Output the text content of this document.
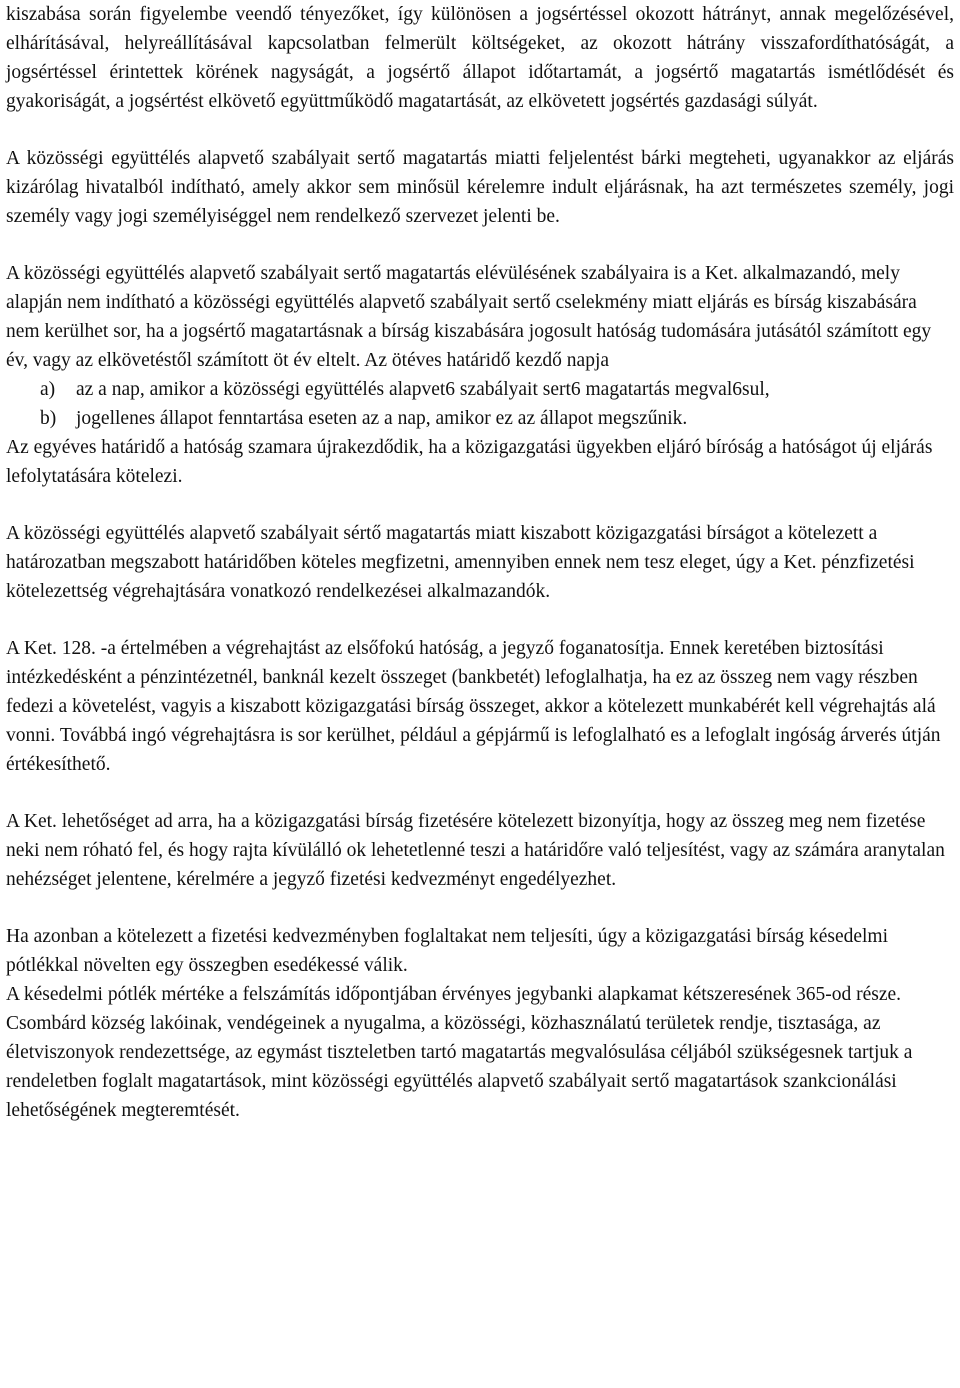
kiszabása során figyelembe veendő tényezőket, így különösen a jogsértéssel okozott hátrányt, annak megelőzésével, elhárításával, helyreállításával kapcsolatban felmerült költségeket, az okozott hátrány visszafordíthatóságát, a jogsértéssel érintettek körének nagyságát, a jogsértő állapot időtartamát, a jogsértő magatartás ismétlődését és gyakoriságát, a jogsértést elkövető együttműködő magatartását, az elkövetett jogsértés gazdasági súlyát.

A közösségi együttélés alapvető szabályait sertő magatartás miatti feljelentést bárki megteheti, ugyanakkor az eljárás kizárólag hivatalból indítható, amely akkor sem minősül kérelemre indult eljárásnak, ha azt természetes személy, jogi személy vagy jogi személyiséggel nem rendelkező szervezet jelenti be.

A közösségi együttélés alapvető szabályait sertő magatartás elévülésének szabályaira is a Ket. alkalmazandó, mely alapján nem indítható a közösségi együttélés alapvető szabályait sertő cselekmény miatt eljárás es bírság kiszabására nem kerülhet sor, ha a jogsértő magatartásnak a bírság kiszabására jogosult hatóság tudomására jutásától számított egy év, vagy az elkövetéstől számított öt év eltelt. Az ötéves határidő kezdő napja

a)	az a nap, amikor a közösségi együttélés alapvet6 szabályait sert6 magatartás megval6sul,
b)	jogellenes állapot fenntartása eseten az a nap, amikor ez az állapot megszűnik.

Az egyéves határidő a hatóság szamara újrakezdődik, ha a közigazgatási ügyekben eljáró bíróság a hatóságot új eljárás lefolytatására kötelezi.

A közösségi együttélés alapvető szabályait sértő magatartás miatt kiszabott közigazgatási bírságot a kötelezett a határozatban megszabott határidőben köteles megfizetni, amennyiben ennek nem tesz eleget, úgy a Ket. pénzfizetési kötelezettség végrehajtására vonatkozó rendelkezései alkalmazandók.

A Ket. 128. -a értelmében a végrehajtást az elsőfokú hatóság, a jegyző foganatosítja. Ennek keretében biztosítási intézkedésként a pénzintézetnél, banknál kezelt összeget (bankbetét) lefoglalhatja, ha ez az összeg nem vagy részben fedezi a követelést, vagyis a kiszabott közigazgatási bírság összeget, akkor a kötelezett munkabérét kell végrehajtás alá vonni. Továbbá ingó végrehajtásra is sor kerülhet, például a gépjármű is lefoglalható es a lefoglalt ingóság árverés útján értékesíthető.

A Ket. lehetőséget ad arra, ha a közigazgatási bírság fizetésére kötelezett bizonyítja, hogy az összeg meg nem fizetése neki nem róható fel, és hogy rajta kívülálló ok lehetetlenné teszi a határidőre való teljesítést, vagy az számára aranytalan nehézséget jelentene, kérelmére a jegyző fizetési kedvezményt engedélyezhet.

Ha azonban a kötelezett a fizetési kedvezményben foglaltakat nem teljesíti, úgy a közigazgatási bírság késedelmi pótlékkal növelten egy összegben esedékessé válik.

A késedelmi pótlék mértéke a felszámítás időpontjában érvényes jegybanki alapkamat kétszeresének 365-od része.

Csombárd község lakóinak, vendégeinek a nyugalma, a közösségi, közhasználatú területek rendje, tisztasága, az életviszonyok rendezettsége, az egymást tiszteletben tartó magatartás megvalósulása céljából szükségesnek tartjuk a rendeletben foglalt magatartások, mint közösségi együttélés alapvető szabályait sertő magatartások szankcionálási lehetőségének megteremtését.
